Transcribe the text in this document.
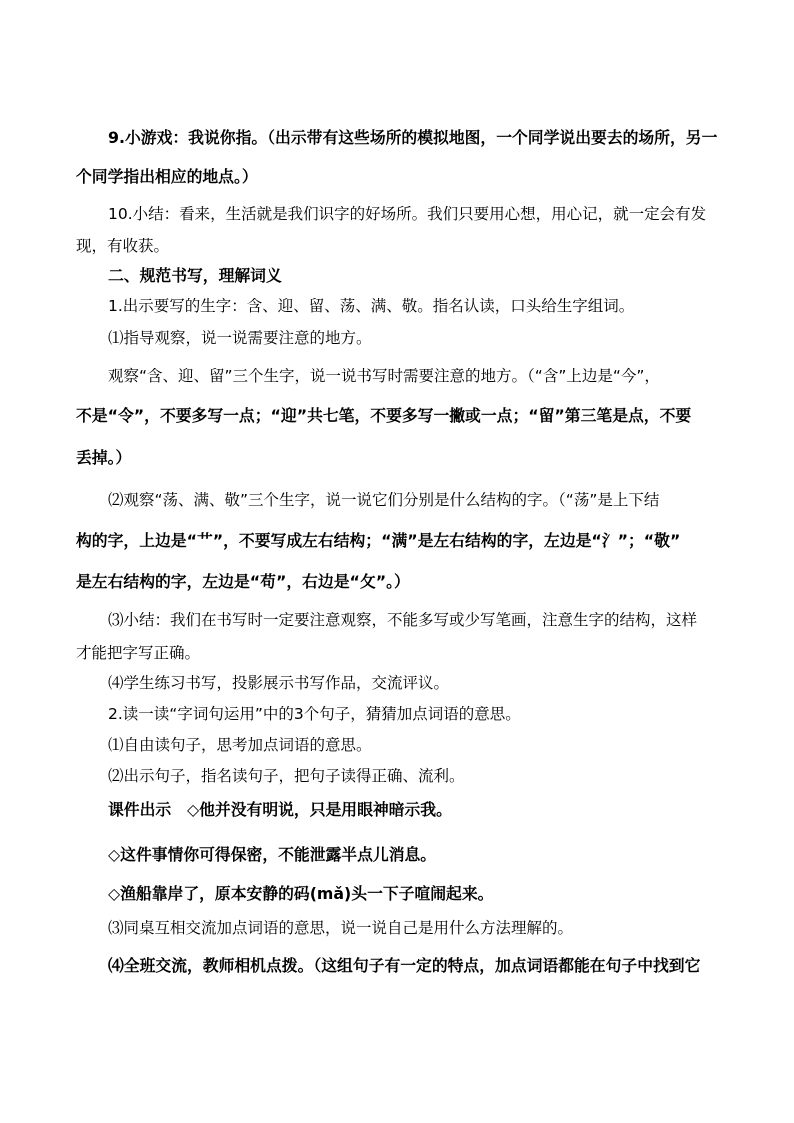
9.小游戏：我说你指。（出示带有这些场所的模拟地图，一个同学说出要去的场所，另一
个同学指出相应的地点。）
10.小结：看来，生活就是我们识字的好场所。我们只要用心想，用心记，就一定会有发
现，有收获。
二、规范书写，理解词义
1.出示要写的生字：含、迎、留、荡、满、敬。指名认读，口头给生字组词。
⑴指导观察，说一说需要注意的地方。
观察“含、迎、留”三个生字，说一说书写时需要注意的地方。（“含”上边是“今”，
不是“令”，不要多写一点；“迎”共七笔，不要多写一撇或一点；“留”第三笔是点，不要
丢掉。）
⑵观察“荡、满、敬”三个生字，说一说它们分别是什么结构的字。（“荡”是上下结
构的字，上边是“艹”，不要写成左右结构；“满”是左右结构的字，左边是“氵”；“敬”
是左右结构的字，左边是“苟”，右边是“攵”。）
⑶小结：我们在书写时一定要注意观察，不能多写或少写笔画，注意生字的结构，这样
才能把字写正确。
⑷学生练习书写，投影展示书写作品，交流评议。
2.读一读“字词句运用”中的3个句子，猜猜加点词语的意思。
⑴自由读句子，思考加点词语的意思。
⑵出示句子，指名读句子，把句子读得正确、流利。
课件出示　◇他并没有明说，只是用眼神暗示我。
◇这件事情你可得保密，不能泄露半点儿消息。
◇渔船靠岸了，原本安静的码(mǎ)头一下子喧闹起来。
⑶同桌互相交流加点词语的意思，说一说自己是用什么方法理解的。
⑷全班交流，教师相机点拨。（这组句子有一定的特点，加点词语都能在句子中找到它
